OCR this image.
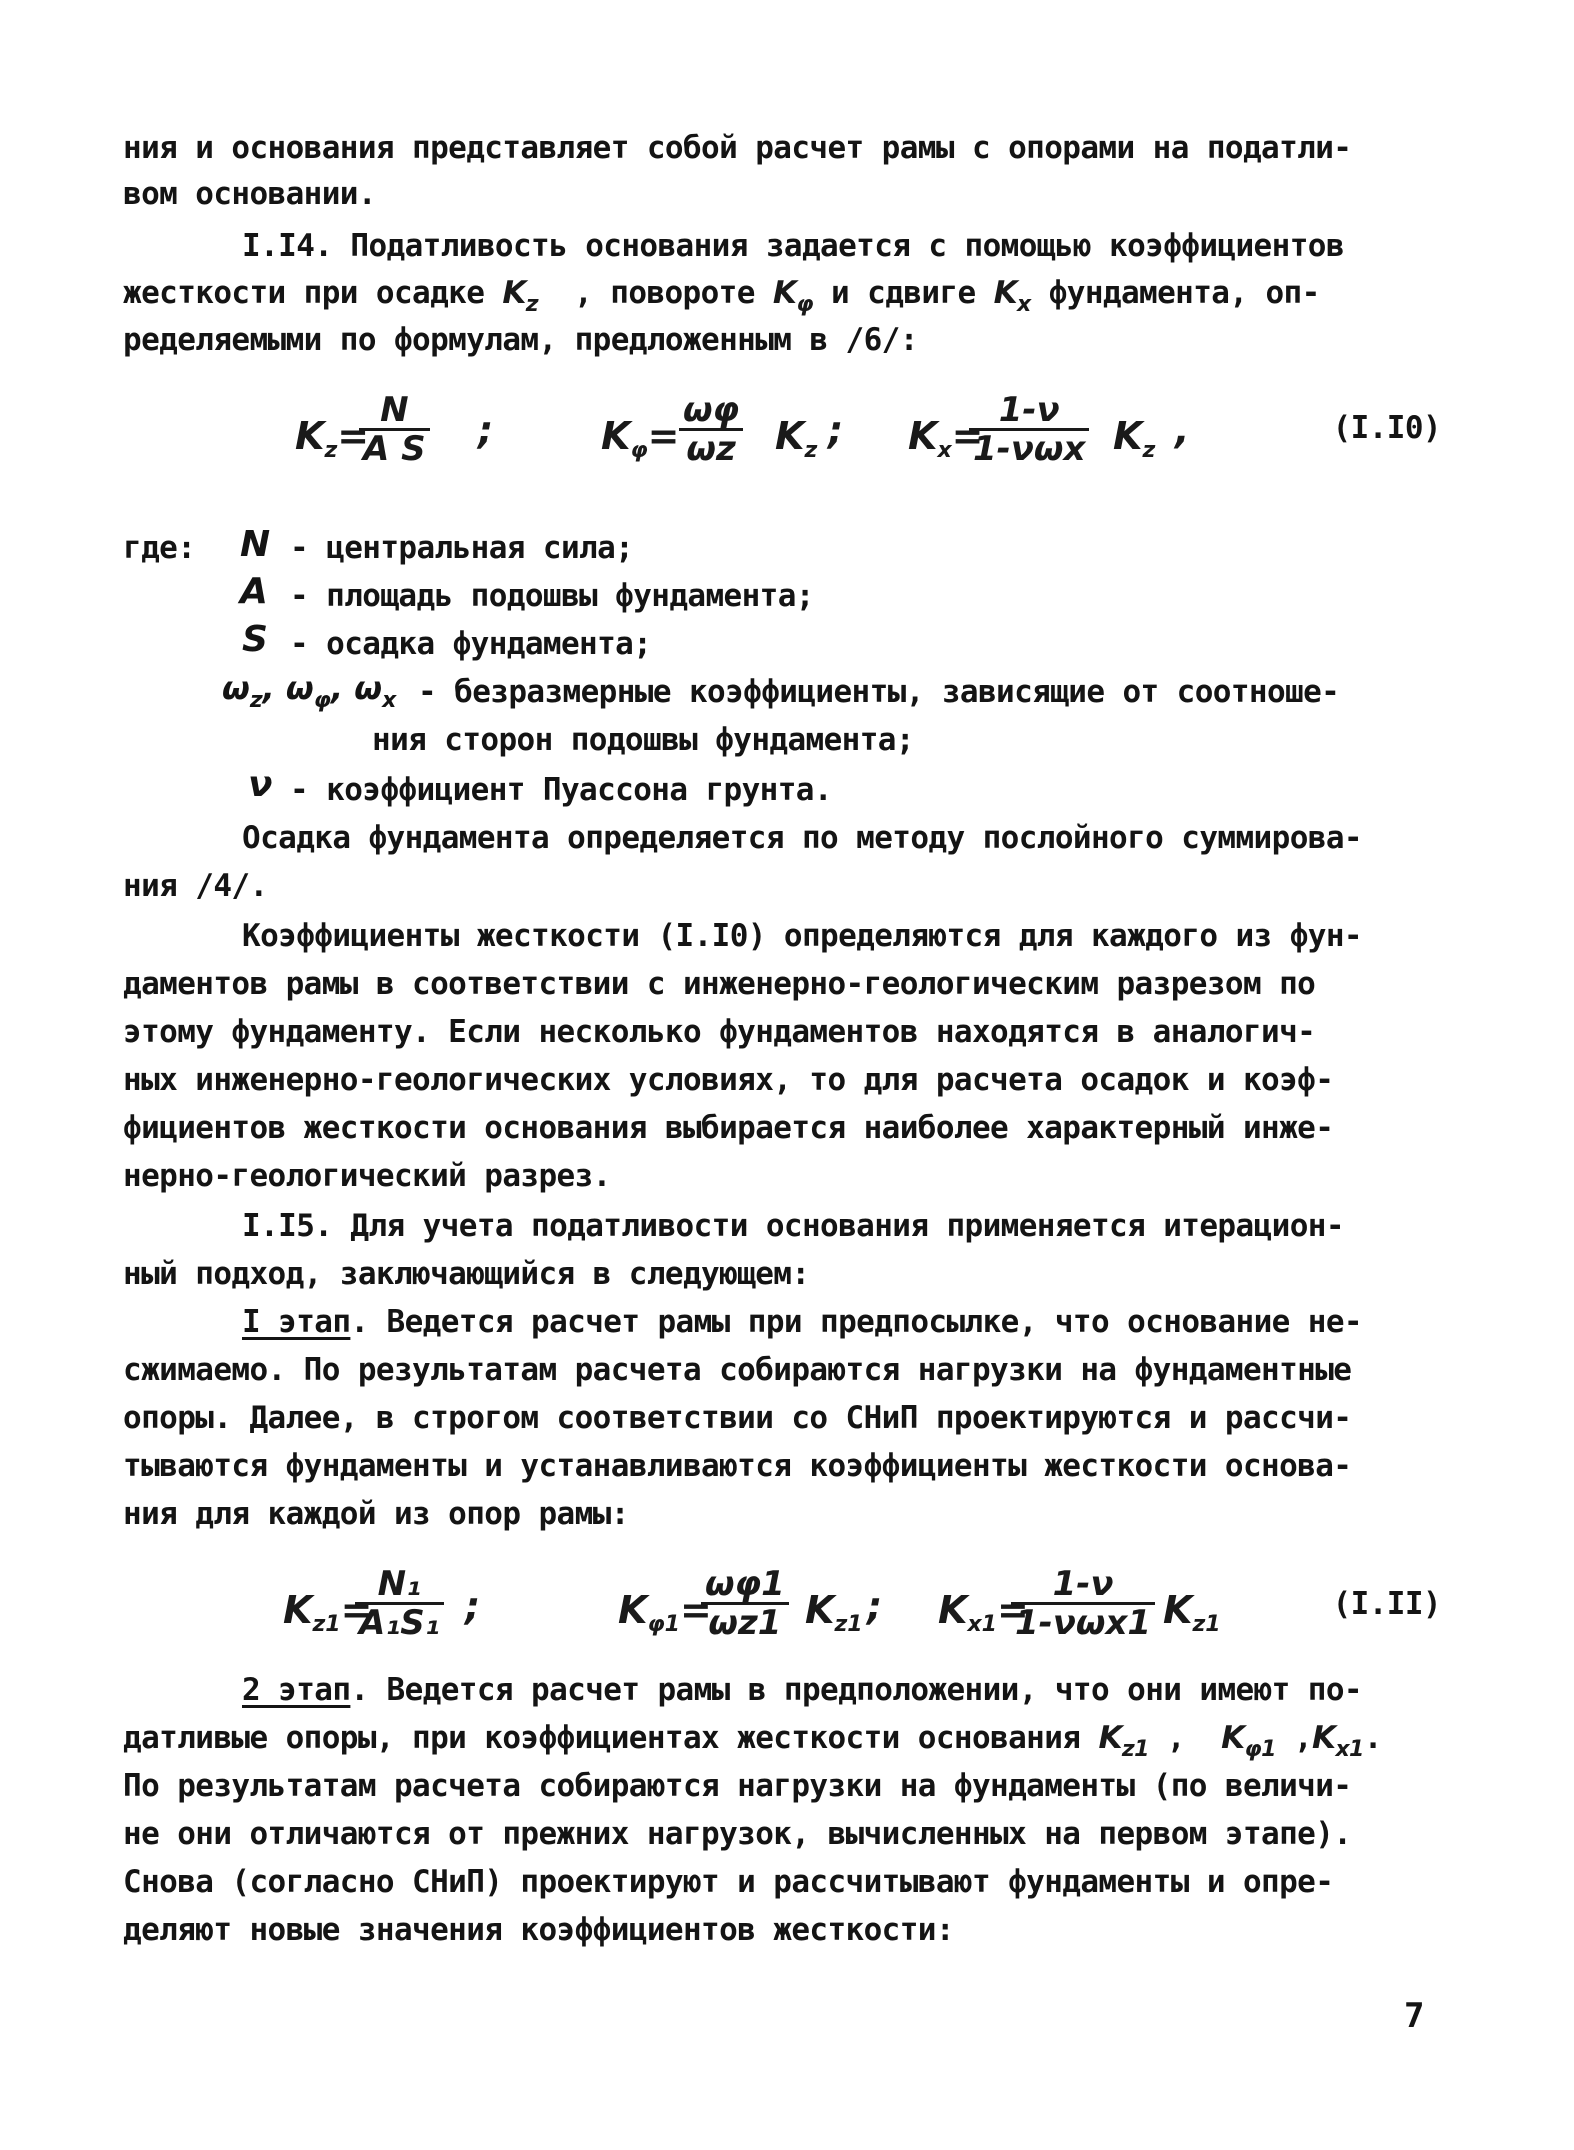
ния и основания представляет собой расчет рамы с опорами на податли-
вом основании.
I.I4. Податливость основания задается с помощью коэффициентов
жесткости при осадке $K_z$ , повороте $K_\varphi$ и сдвиге $K_x$ фундамента, оп-
ределяемыми по формулам, предложенным в /6/:
$K_z=$
$\frac{N}{\text{A S}}$ ;	$K_\varphi= \frac{\omega\varphi}{\omega z} K_z$ ; $K_x=$
1-ν
1-νωx $K_z$ ,	(I.I0)
где:	N - центральная сила;
A - площадь подошвы фундамента;
S - осадка фундамента;
$\omega_z$, $\omega_\varphi$, $\omega_x$ - безразмерные коэффициенты, зависящие от соотноше-
ния сторон подошвы фундамента;
ν - коэффициент Пуассона грунта.
Осадка фундамента определяется по методу послойного суммирова-
ния /4/.
Коэффициенты жесткости (I.I0) определяются для каждого из фун-
даментов рамы в соответствии с инженерно-геологическим разрезом по
этому фундаменту. Если несколько фундаментов находятся в аналогич-
ных инженерно-геологических условиях, то для расчета осадок и коэф-
фициентов жесткости основания выбирается наиболее характерный инже-
нерно-геологический разрез.
I.I5. Для учета податливости основания применяется итерацион-
ный подход, заключающийся в следующем:
I этап. Ведется расчет рамы при предпосылке, что основание не-
сжимаемо. По результатам расчета собираются нагрузки на фундаментные
опоры. Далее, в строгом соответствии со СНиП проектируются и рассчи-
тываются фундаменты и устанавливаются коэффициенты жесткости основа-
ния для каждой из опор рамы:
$K_{z1}=$
$\frac{\text{N₁}}{\text{A₁S₁}}$ ;	$K_{\varphi 1}=$
$\frac{\omega\varphi 1}{\omega z1} K_{z1}$ ; $K_{x1}=$
1-ν
1-νωx1 $K_{z1}$
(I.II)
2 этап. Ведется расчет рамы в предположении, что они имеют по-
датливые опоры, при коэффициентах жесткости основания $K_{z1}$ , $K_{\varphi 1}$ $,K_{x1}$.
По результатам расчета собираются нагрузки на фундаменты (по величи-
не они отличаются от прежних нагрузок, вычисленных на первом этапе).
Снова (согласно СНиП) проектируют и рассчитывают фундаменты и опре-
деляют новые значения коэффициентов жесткости:
7
